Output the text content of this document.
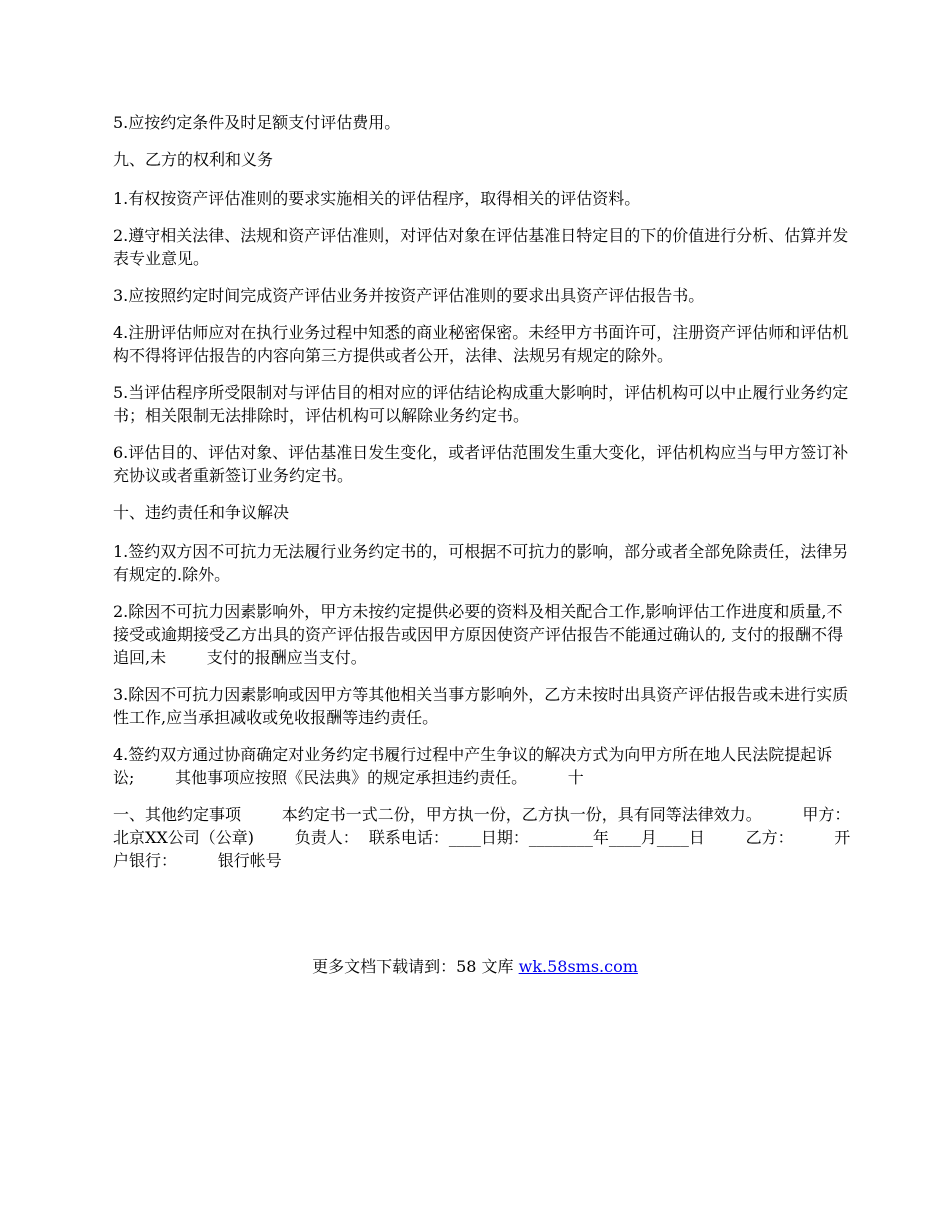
5.应按约定条件及时足额支付评估费用。

九、乙方的权利和义务

1.有权按资产评估准则的要求实施相关的评估程序，取得相关的评估资料。

2.遵守相关法律、法规和资产评估准则，对评估对象在评估基准日特定目的下的价值进行分析、估算并发表专业意见。

3.应按照约定时间完成资产评估业务并按资产评估准则的要求出具资产评估报告书。

4.注册评估师应对在执行业务过程中知悉的商业秘密保密。未经甲方书面许可，注册资产评估师和评估机构不得将评估报告的内容向第三方提供或者公开，法律、法规另有规定的除外。

5.当评估程序所受限制对与评估目的相对应的评估结论构成重大影响时，评估机构可以中止履行业务约定书；相关限制无法排除时，评估机构可以解除业务约定书。

6.评估目的、评估对象、评估基准日发生变化，或者评估范围发生重大变化，评估机构应当与甲方签订补充协议或者重新签订业务约定书。

十、违约责任和争议解决

1.签约双方因不可抗力无法履行业务约定书的，可根据不可抗力的影响，部分或者全部免除责任，法律另有规定的.除外。

2.除因不可抗力因素影响外，甲方未按约定提供必要的资料及相关配合工作,影响评估工作进度和质量,不接受或逾期接受乙方出具的资产评估报告或因甲方原因使资产评估报告不能通过确认的, 支付的报酬不得追回,未        支付的报酬应当支付。

3.除因不可抗力因素影响或因甲方等其他相关当事方影响外，乙方未按时出具资产评估报告或未进行实质性工作,应当承担减收或免收报酬等违约责任。

4.签约双方通过协商确定对业务约定书履行过程中产生争议的解决方式为向甲方所在地人民法院提起诉讼;        其他事项应按照《民法典》的规定承担违约责任。        十

一、其他约定事项        本约定书一式二份，甲方执一份，乙方执一份，具有同等法律效力。        甲方：北京XX公司（公章)        负责人：  联系电话：____日期：________年____月____日        乙方：        开户银行：        银行帐号

更多文档下载请到：58 文库 wk.58sms.com
